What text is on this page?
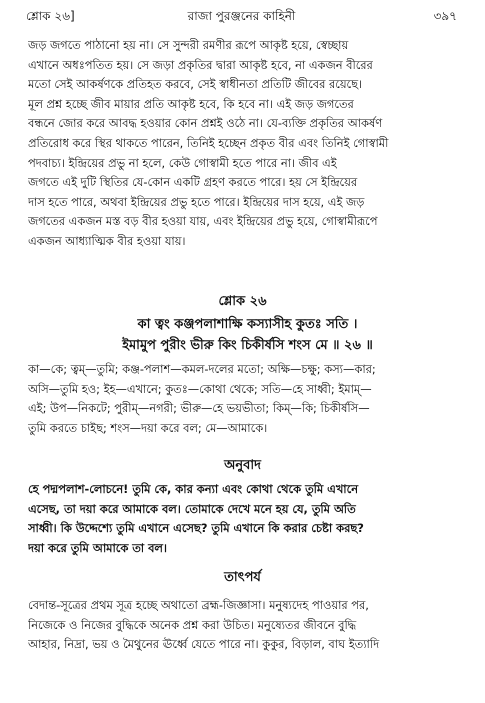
শ্লোক ২৬]	রাজা পুরঞ্জনের কাহিনী	৩৯৭
জড় জগতে পাঠানো হয় না। সে সুন্দরী রমণীর রূপে আকৃষ্ট হয়ে, স্বেচ্ছায়
এখানে অধঃপতিত হয়। সে জড়া প্রকৃতির দ্বারা আকৃষ্ট হবে, না একজন বীরের
মতো সেই আকর্ষণকে প্রতিহত করবে, সেই স্বাধীনতা প্রতিটি জীবের রয়েছে।
মূল প্রশ্ন হচ্ছে জীব মায়ার প্রতি আকৃষ্ট হবে, কি হবে না। এই জড় জগতের
বন্ধনে জোর করে আবদ্ধ হওয়ার কোন প্রশ্নই ওঠে না। যে-ব্যক্তি প্রকৃতির আকর্ষণ
প্রতিরোধ করে স্থির থাকতে পারেন, তিনিই হচ্ছেন প্রকৃত বীর এবং তিনিই গোস্বামী
পদবাচ্য। ইন্দ্রিয়ের প্রভু না হলে, কেউ গোস্বামী হতে পারে না। জীব এই
জগতে এই দুটি স্থিতির যে-কোন একটি গ্রহণ করতে পারে। হয় সে ইন্দ্রিয়ের
দাস হতে পারে, অথবা ইন্দ্রিয়ের প্রভু হতে পারে। ইন্দ্রিয়ের দাস হয়ে, এই জড়
জগতের একজন মস্ত বড় বীর হওয়া যায়, এবং ইন্দ্রিয়ের প্রভু হয়ে, গোস্বামীরূপে
একজন আধ্যাত্মিক বীর হওয়া যায়।
শ্লোক ২৬
কা ত্বং কঞ্জপলাশাক্ষি কস্যাসীহ কুতঃ সতি ।
ইমামুপ পুরীং ভীরু কিং চিকীর্ষসি শংস মে ॥ ২৬ ॥
কা—কে; ত্বম্—তুমি; কঞ্জ-পলাশ—কমল-দলের মতো; অক্ষি—চক্ষু; কস্য—কার;
অসি—তুমি হও; ইহ—এখানে; কুতঃ—কোথা থেকে; সতি—হে সাধ্বী; ইমাম্—
এই; উপ—নিকটে; পুরীম্—নগরী; ভীরু—হে ভয়ভীতা; কিম্—কি; চিকীর্ষসি—
তুমি করতে চাইছ; শংস—দয়া করে বল; মে—আমাকে।
অনুবাদ
হে পদ্মপলাশ-লোচনে! তুমি কে, কার কন্যা এবং কোথা থেকে তুমি এখানে
এসেছ, তা দয়া করে আমাকে বল। তোমাকে দেখে মনে হয় যে, তুমি অতি
সাধ্বী। কি উদ্দেশ্যে তুমি এখানে এসেছ? তুমি এখানে কি করার চেষ্টা করছ?
দয়া করে তুমি আমাকে তা বল।
তাৎপর্য
বেদান্ত-সূত্রের প্রথম সূত্র হচ্ছে অথাতো ব্রহ্ম-জিজ্ঞাসা। মনুষ্যদেহ পাওয়ার পর,
নিজেকে ও নিজের বুদ্ধিকে অনেক প্রশ্ন করা উচিত। মনুষ্যেতর জীবনে বুদ্ধি
আহার, নিদ্রা, ভয় ও মৈথুনের ঊর্ধ্বে যেতে পারে না। কুকুর, বিড়াল, বাঘ ইত্যাদি
